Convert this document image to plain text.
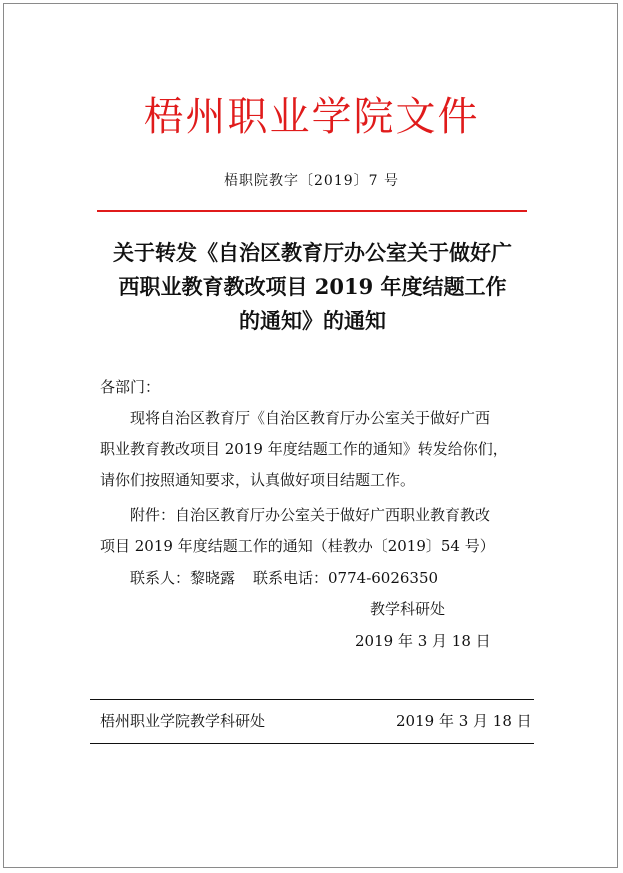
梧州职业学院文件
梧职院教字〔2019〕7 号
关于转发《自治区教育厅办公室关于做好广
西职业教育教改项目 2019 年度结题工作
的通知》的通知
各部门：
现将自治区教育厅《自治区教育厅办公室关于做好广西
职业教育教改项目 2019 年度结题工作的通知》转发给你们，
请你们按照通知要求，认真做好项目结题工作。
附件：自治区教育厅办公室关于做好广西职业教育教改
项目 2019 年度结题工作的通知（桂教办〔2019〕54 号）
联系人：黎晓露 联系电话：0774-6026350
教学科研处
2019 年 3 月 18 日
梧州职业学院教学科研处	2019 年 3 月 18 日
